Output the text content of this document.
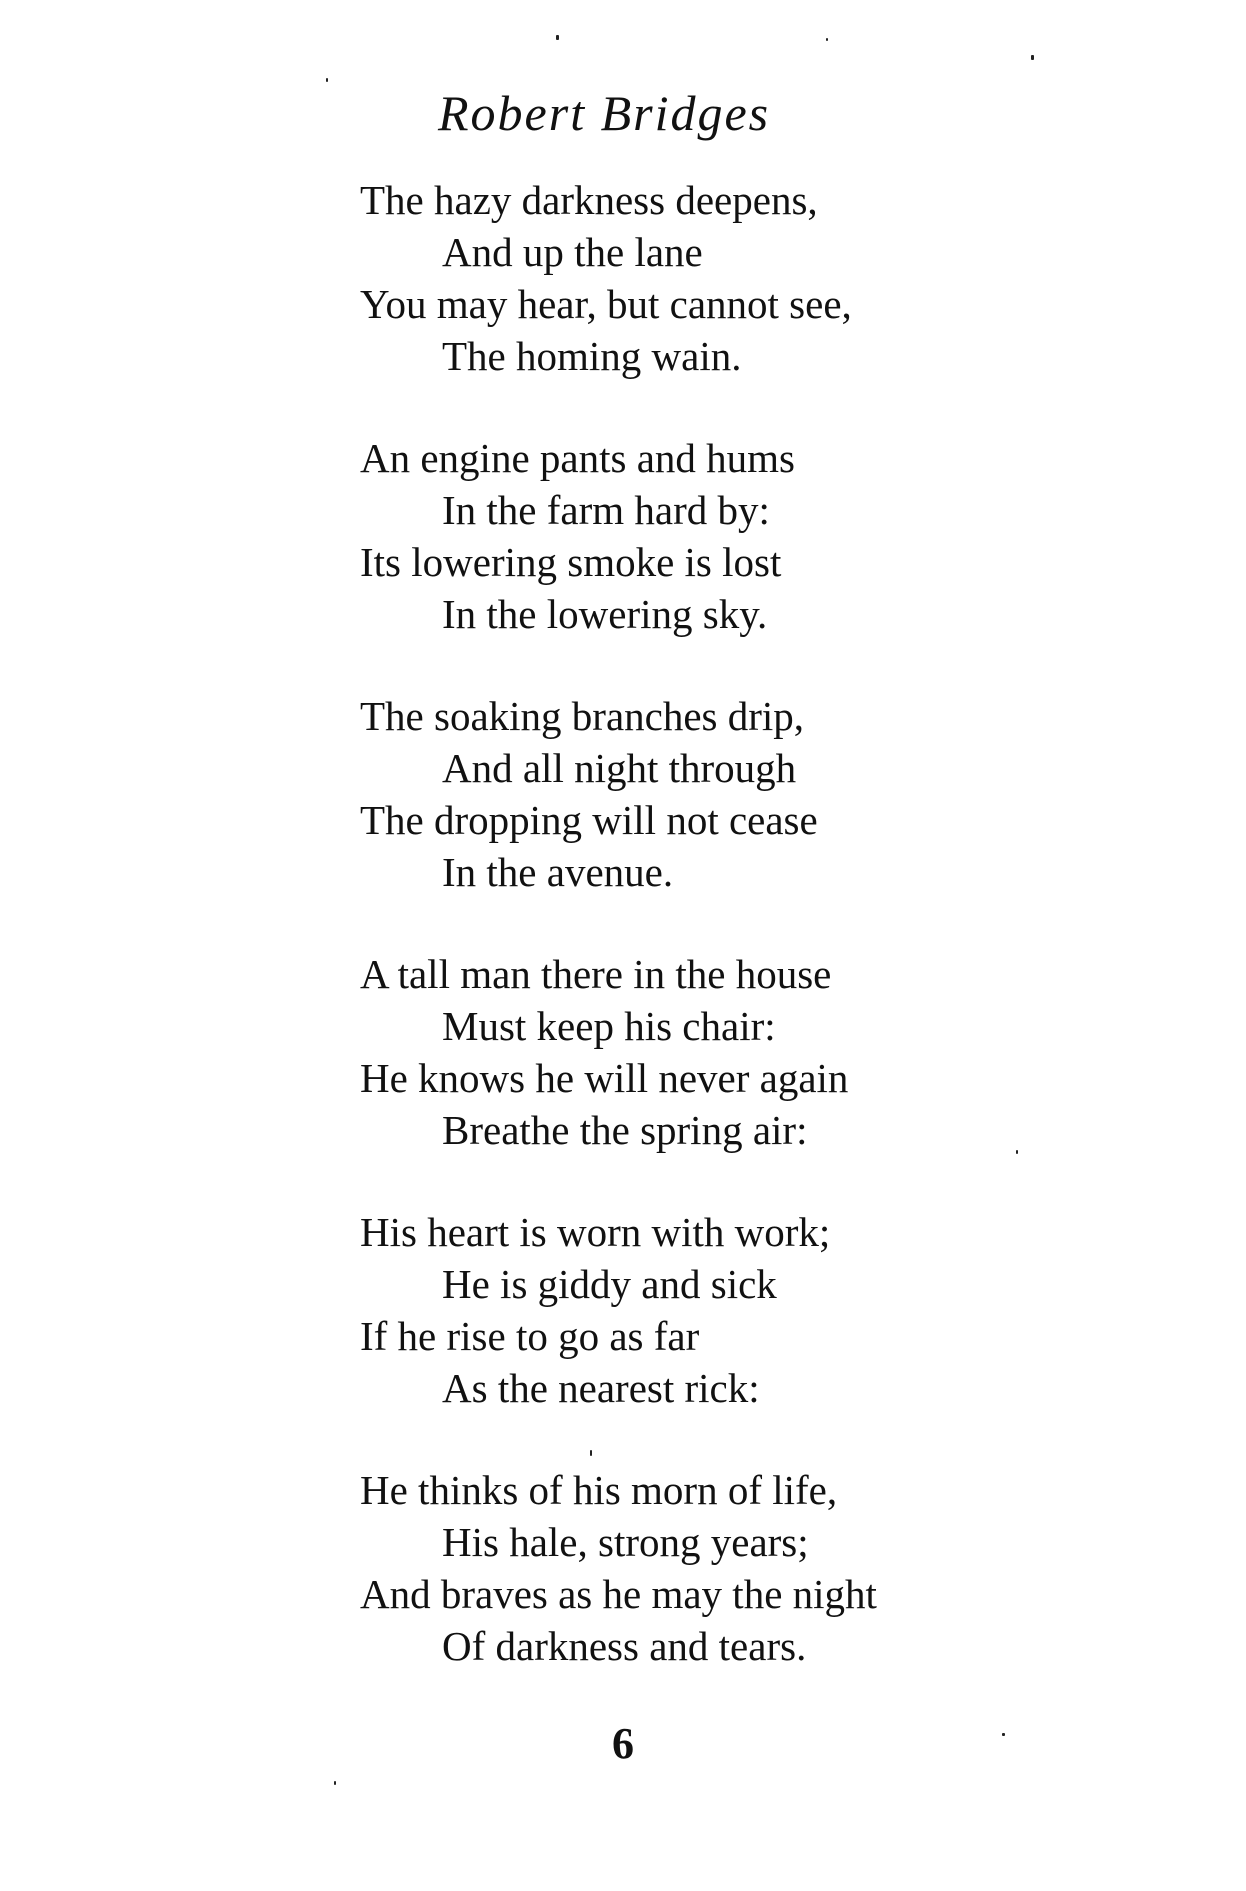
Robert Bridges
The hazy darkness deepens,
And up the lane
You may hear, but cannot see,
The homing wain.
An engine pants and hums
In the farm hard by:
Its lowering smoke is lost
In the lowering sky.
The soaking branches drip,
And all night through
The dropping will not cease
In the avenue.
A tall man there in the house
Must keep his chair:
He knows he will never again
Breathe the spring air:
His heart is worn with work;
He is giddy and sick
If he rise to go as far
As the nearest rick:
He thinks of his morn of life,
His hale, strong years;
And braves as he may the night
Of darkness and tears.
6
